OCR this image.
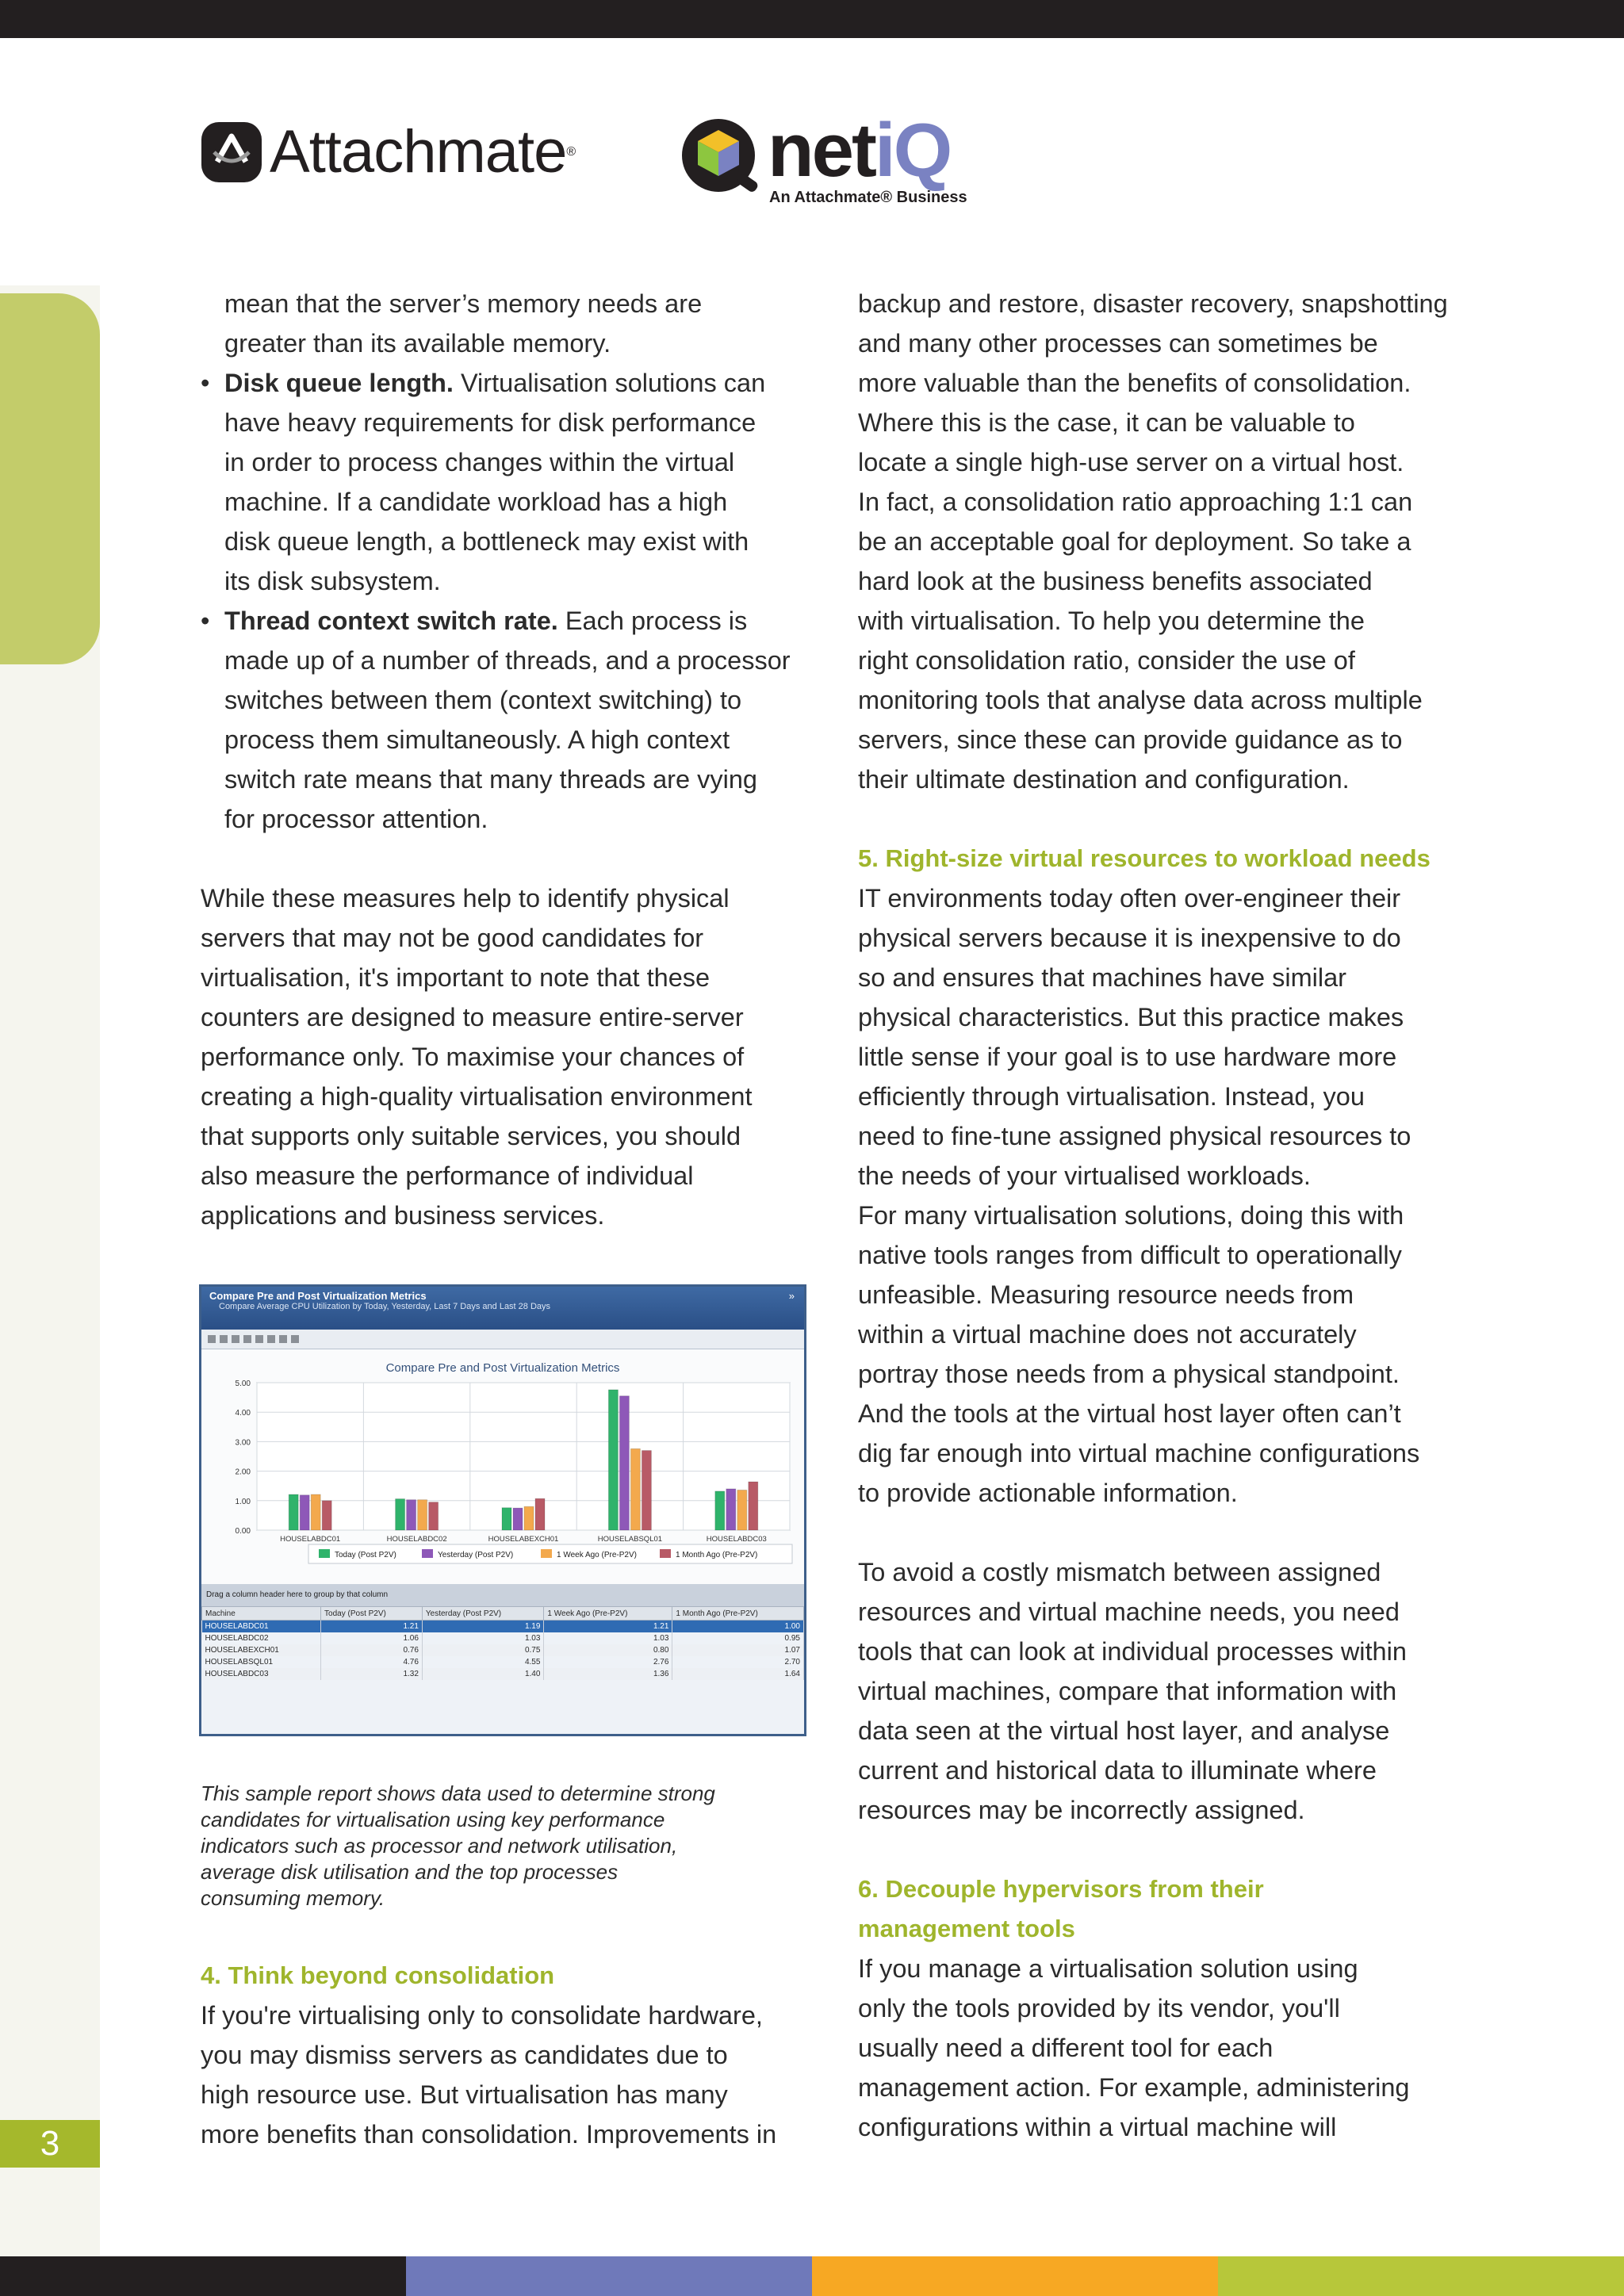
3
Attachmate®	netiQ
An Attachmate® Business

mean that the server’s memory needs are

greater than its available memory.

• Disk queue length. Virtualisation solutions can

have heavy requirements for disk performance

in order to process changes within the virtual

machine. If a candidate workload has a high

disk queue length, a bottleneck may exist with

its disk subsystem.

• Thread context switch rate. Each process is

made up of a number of threads, and a processor

switches between them (context switching) to

process them simultaneously. A high context

switch rate means that many threads are vying

for processor attention.

While these measures help to identify physical

servers that may not be good candidates for

virtualisation, it's important to note that these

counters are designed to measure entire-server

performance only. To maximise your chances of

creating a high-quality virtualisation environment

that supports only suitable services, you should

also measure the performance of individual

applications and business services.

Compare Pre and Post Virtualization Metrics
Compare Average CPU Utilization by Today, Yesterday, Last 7 Days and Last 28 Days
»
Compare Pre and Post Virtualization Metrics
0.00
1.00
2.00
3.00
4.00
5.00
HOUSELABDC01	HOUSELABDC02	HOUSELABEXCH01	HOUSELABSQL01	HOUSELABDC03
Today (Post P2V)	Yesterday (Post P2V)	1 Week Ago (Pre-P2V)	1 Month Ago (Pre-P2V)
Drag a column header here to group by that column
Machine	Today (Post P2V)	Yesterday (Post P2V)	1 Week Ago (Pre-P2V)	1 Month Ago (Pre-P2V)
HOUSELABDC01	1.21	1.19	1.21	1.00
HOUSELABDC02	1.06	1.03	1.03	0.95
HOUSELABEXCH01	0.76	0.75	0.80	1.07
HOUSELABSQL01	4.76	4.55	2.76	2.70
HOUSELABDC03	1.32	1.40	1.36	1.64

This sample report shows data used to determine strong

candidates for virtualisation using key performance

indicators such as processor and network utilisation,

average disk utilisation and the top processes

consuming memory.

4. Think beyond consolidation

If you're virtualising only to consolidate hardware,

you may dismiss servers as candidates due to

high resource use. But virtualisation has many

more benefits than consolidation. Improvements in

backup and restore, disaster recovery, snapshotting

and many other processes can sometimes be

more valuable than the benefits of consolidation.

Where this is the case, it can be valuable to

locate a single high-use server on a virtual host.

In fact, a consolidation ratio approaching 1:1 can

be an acceptable goal for deployment. So take a

hard look at the business benefits associated

with virtualisation. To help you determine the

right consolidation ratio, consider the use of

monitoring tools that analyse data across multiple

servers, since these can provide guidance as to

their ultimate destination and configuration.

5. Right-size virtual resources to workload needs

IT environments today often over-engineer their

physical servers because it is inexpensive to do

so and ensures that machines have similar

physical characteristics. But this practice makes

little sense if your goal is to use hardware more

efficiently through virtualisation. Instead, you

need to fine-tune assigned physical resources to

the needs of your virtualised workloads.

For many virtualisation solutions, doing this with

native tools ranges from difficult to operationally

unfeasible. Measuring resource needs from

within a virtual machine does not accurately

portray those needs from a physical standpoint.

And the tools at the virtual host layer often can’t

dig far enough into virtual machine configurations

to provide actionable information.

To avoid a costly mismatch between assigned

resources and virtual machine needs, you need

tools that can look at individual processes within

virtual machines, compare that information with

data seen at the virtual host layer, and analyse

current and historical data to illuminate where

resources may be incorrectly assigned.

6. Decouple hypervisors from their

management tools

If you manage a virtualisation solution using

only the tools provided by its vendor, you'll

usually need a different tool for each

management action. For example, administering

configurations within a virtual machine will
